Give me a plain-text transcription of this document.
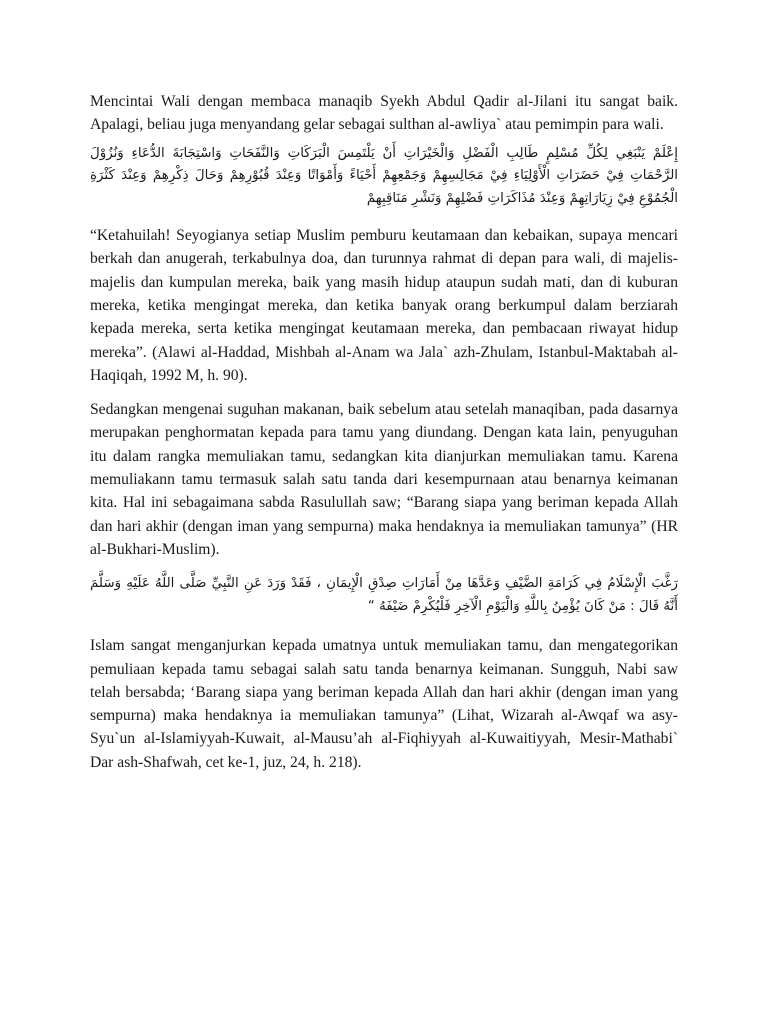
Mencintai Wali dengan membaca manaqib Syekh Abdul Qadir al-Jilani itu sangat baik. Apalagi, beliau juga menyandang gelar sebagai sulthan al-awliya` atau pemimpin para wali.

إِعْلَمْ يَنْبَغِي لِكُلِّ مُسْلِمٍ طَالِبِ الْفَضْلِ وَالْخَيْرَاتِ أَنْ يَلْتَمِسَ الْبَرَكَاتِ وَالنَّفَحَاتِ وَاسْتِجَابَةَ الدُّعَاءِ وَنُزُوْلَ الرَّحْمَاتِ فِيْ حَضَرَاتِ الْأَوْلِيَاءِ فِيْ مَجَالِسِهِمْ وَجَمْعِهِمْ أَحْيَاءً وَأَمْوَاتًا وَعِنْدَ قُبُوْرِهِمْ وَحَالَ ذِكْرِهِمْ وَعِنْدَ كَثْرَةِ الْجُمُوْعِ فِيْ زِيَارَاتِهِمْ وَعِنْدَ مُذَاكَرَاتِ فَضْلِهِمْ وَنَشْرِ مَنَاقِبِهِمْ

“Ketahuilah! Seyogianya setiap Muslim pemburu keutamaan dan kebaikan, supaya mencari berkah dan anugerah, terkabulnya doa, dan turunnya rahmat di depan para wali, di majelis-majelis dan kumpulan mereka, baik yang masih hidup ataupun sudah mati, dan di kuburan mereka, ketika mengingat mereka, dan ketika banyak orang berkumpul dalam berziarah kepada mereka, serta ketika mengingat keutamaan mereka, dan pembacaan riwayat hidup mereka”. (Alawi al-Haddad, Mishbah al-Anam wa Jala` azh-Zhulam, Istanbul-Maktabah al-Haqiqah, 1992 M, h. 90).

Sedangkan mengenai suguhan makanan, baik sebelum atau setelah manaqiban, pada dasarnya merupakan penghormatan kepada para tamu yang diundang. Dengan kata lain, penyuguhan itu dalam rangka memuliakan tamu, sedangkan kita dianjurkan memuliakan tamu. Karena memuliakann tamu termasuk salah satu tanda dari kesempurnaan atau benarnya keimanan kita. Hal ini sebagaimana sabda Rasulullah saw; “Barang siapa yang beriman kepada Allah dan hari akhir (dengan iman yang sempurna) maka hendaknya ia memuliakan tamunya” (HR al-Bukhari-Muslim).

رَغَّبَ الْإِسْلَامُ فِي كَرَامَةِ الضَّيْفِ وَعَدَّهَا مِنْ أَمَارَاتِ صِدْقِ الْإِيمَانِ ، فَقَدْ وَرَدَ عَنِ النَّبِيِّ صَلَّى اللَّهُ عَلَيْهِ وَسَلَّمَ أَنَّهُ قَالَ : مَنْ كَانَ يُؤْمِنُ بِاللَّهِ وَالْيَوْمِ الْآخِرِ فَلْيُكْرِمْ ضَيْفَهُ “

Islam sangat menganjurkan kepada umatnya untuk memuliakan tamu, dan mengategorikan pemuliaan kepada tamu sebagai salah satu tanda benarnya keimanan. Sungguh, Nabi saw telah bersabda; ‘Barang siapa yang beriman kepada Allah dan hari akhir (dengan iman yang sempurna) maka hendaknya ia memuliakan tamunya” (Lihat, Wizarah al-Awqaf wa asy-Syu`un al-Islamiyyah-Kuwait, al-Mausu’ah al-Fiqhiyyah al-Kuwaitiyyah, Mesir-Mathabi` Dar ash-Shafwah, cet ke-1, juz, 24, h. 218).
